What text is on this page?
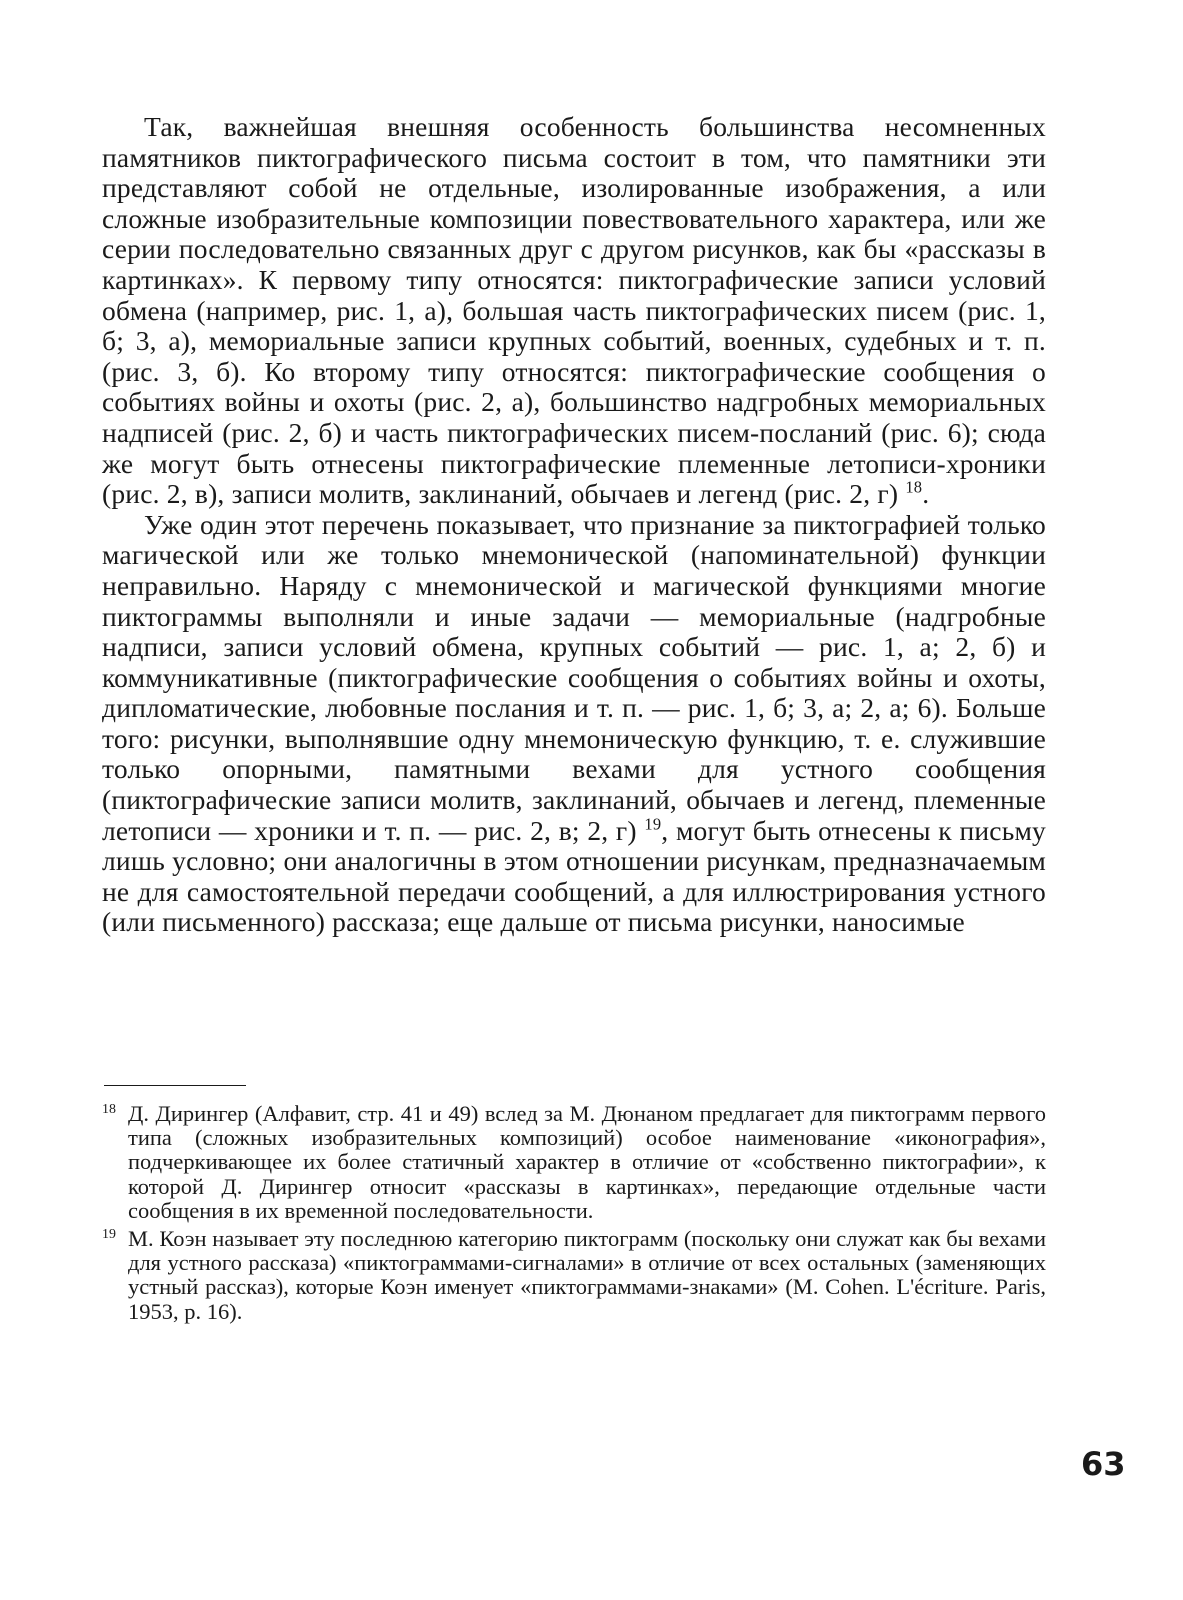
Так, важнейшая внешняя особенность большинства несомненных памятников пиктографического письма состоит в том, что памятники эти представляют собой не отдельные, изолированные изображения, а или сложные изобразительные композиции повествовательного характера, или же серии последовательно связанных друг с другом рисунков, как бы «рассказы в картинках». К первому типу относятся: пиктографические записи условий обмена (например, рис. 1, а), большая часть пиктографических писем (рис. 1, б; 3, а), мемориальные записи крупных событий, военных, судебных и т. п. (рис. 3, б). Ко второму типу относятся: пиктографические сообщения о событиях войны и охоты (рис. 2, а), большинство надгробных мемориальных надписей (рис. 2, б) и часть пиктографических писем-посланий (рис. 6); сюда же могут быть отнесены пиктографические племенные летописи-хроники (рис. 2, в), записи молитв, заклинаний, обычаев и легенд (рис. 2, г) $^{18}$.

Уже один этот перечень показывает, что признание за пиктографией только магической или же только мнемонической (напоминательной) функции неправильно. Наряду с мнемонической и магической функциями многие пиктограммы выполняли и иные задачи — мемориальные (надгробные надписи, записи условий обмена, крупных событий — рис. 1, а; 2, б) и коммуникативные (пиктографические сообщения о событиях войны и охоты, дипломатические, любовные послания и т. п. — рис. 1, б; 3, а; 2, а; 6). Больше того: рисунки, выполнявшие одну мнемоническую функцию, т. е. служившие только опорными, памятными вехами для устного сообщения (пиктографические записи молитв, заклинаний, обычаев и легенд, племенные летописи — хроники и т. п. — рис. 2, в; 2, г) $^{19}$, могут быть отнесены к письму лишь условно; они аналогичны в этом отношении рисункам, предназначаемым не для самостоятельной передачи сообщений, а для иллюстрирования устного (или письменного) рассказа; еще дальше от письма рисунки, наносимые

18 Д. Дирингер (Алфавит, стр. 41 и 49) вслед за М. Дюнаном предлагает для пиктограмм первого типа (сложных изобразительных композиций) особое наименование «иконография», подчеркивающее их более статичный характер в отличие от «собственно пиктографии», к которой Д. Дирингер относит «рассказы в картинках», передающие отдельные части сообщения в их временной последовательности.
19 М. Коэн называет эту последнюю категорию пиктограмм (поскольку они служат как бы вехами для устного рассказа) «пиктограммами-сигналами» в отличие от всех остальных (заменяющих устный рассказ), которые Коэн именует «пиктограммами-знаками» (M. Cohen. L'écriture. Paris, 1953, p. 16).
63
